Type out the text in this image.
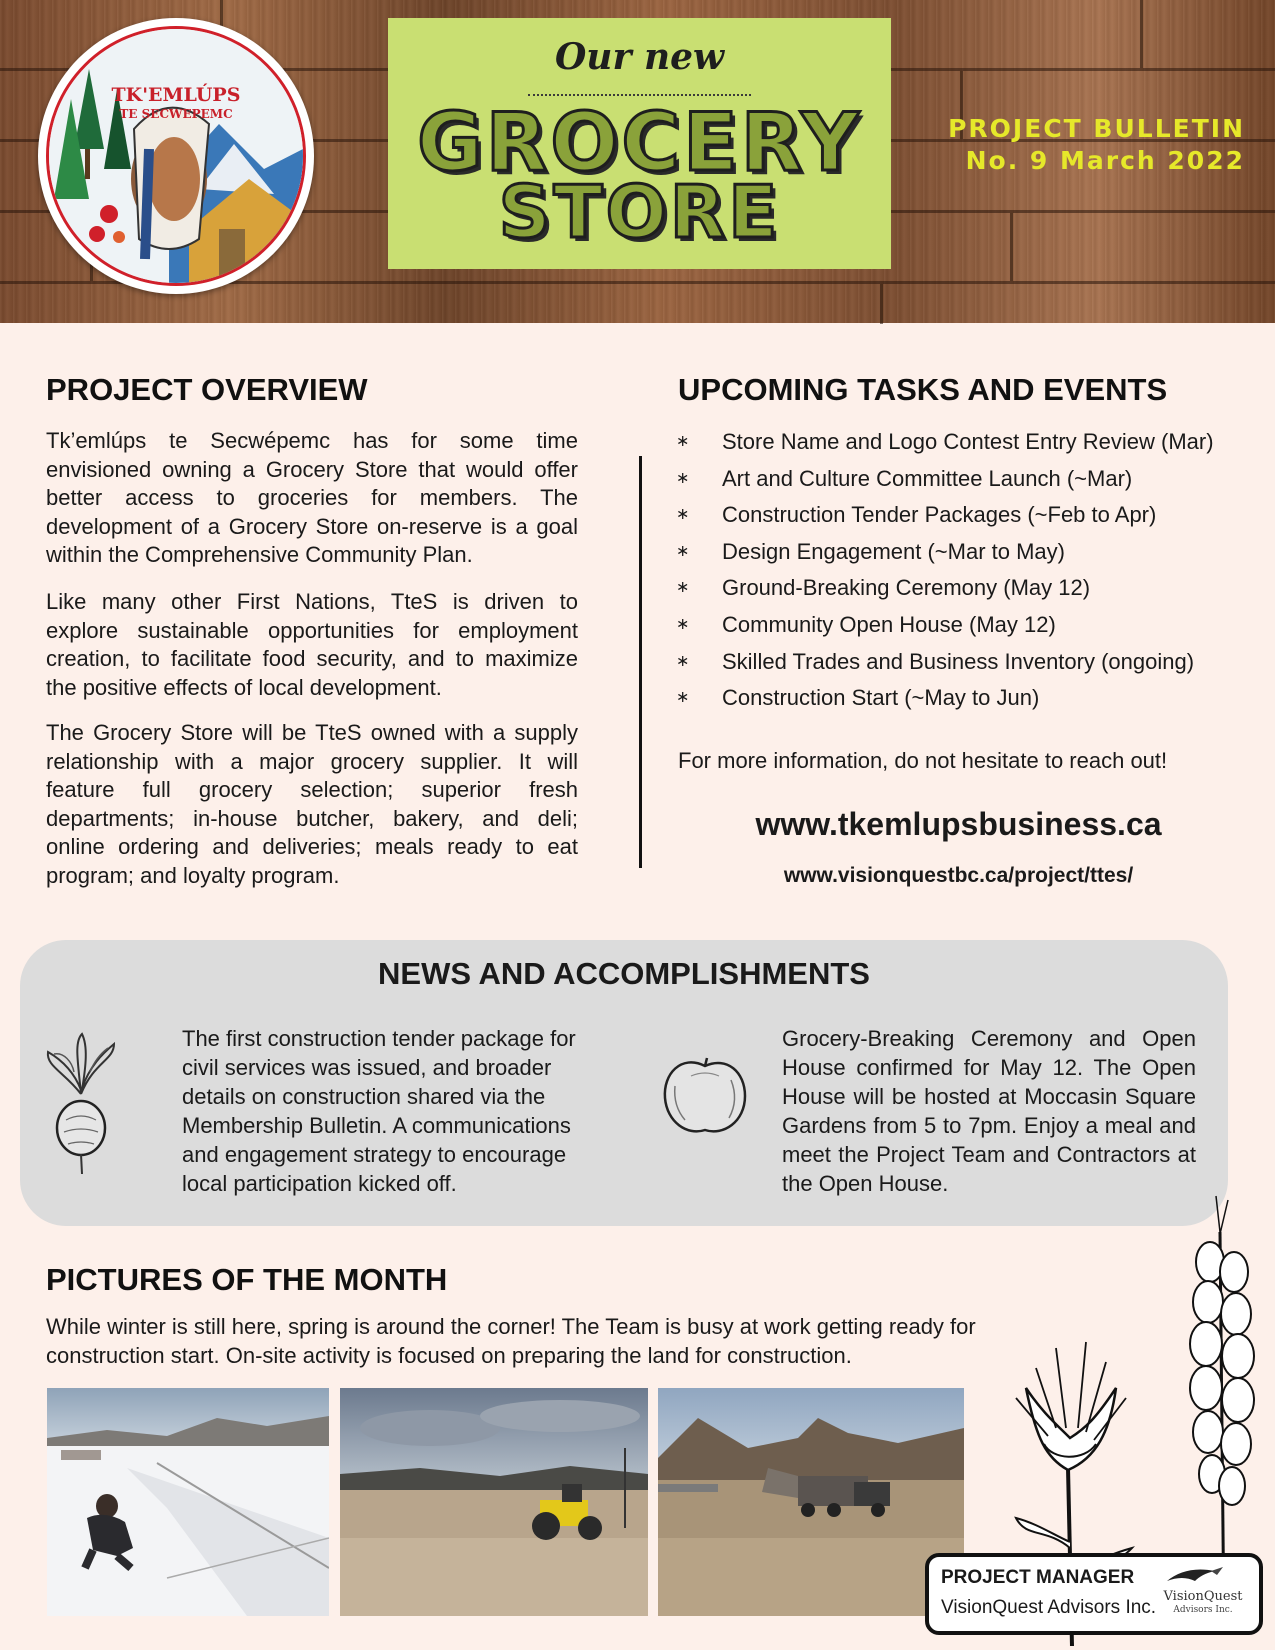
TK'EMLÚPS
TE SECWEPEMC
Our new
GROCERY
STORE
PROJECT BULLETIN
No. 9 March 2022
PROJECT OVERVIEW
Tk’emlúps te Secwépemc has for some time envisioned owning a Grocery Store that would offer better access to groceries for members. The development of a Grocery Store on-reserve is a goal within the Comprehensive Community Plan.
Like many other First Nations, TteS is driven to explore sustainable opportunities for employment creation, to facilitate food security, and to maximize the positive effects of local development.
The Grocery Store will be TteS owned with a supply relationship with a major grocery supplier. It will feature full grocery selection; superior fresh departments; in-house butcher, bakery, and deli; online ordering and deliveries; meals ready to eat program; and loyalty program.
UPCOMING TASKS AND EVENTS
∗ Store Name and Logo Contest Entry Review (Mar)
∗ Art and Culture Committee Launch (~Mar)
∗ Construction Tender Packages (~Feb to Apr)
∗ Design Engagement (~Mar to May)
∗ Ground-Breaking Ceremony (May 12)
∗ Community Open House (May 12)
∗ Skilled Trades and Business Inventory (ongoing)
∗ Construction Start (~May to Jun)
For more information, do not hesitate to reach out!
www.tkemlupsbusiness.ca
www.visionquestbc.ca/project/ttes/
NEWS AND ACCOMPLISHMENTS
The first construction tender package for civil services was issued, and broader details on construction shared via the Membership Bulletin. A communications and engagement strategy to encourage local participation kicked off.
Grocery-Breaking Ceremony and Open House confirmed for May 12. The Open House will be hosted at Moccasin Square Gardens from 5 to 7pm. Enjoy a meal and meet the Project Team and Contractors at the Open House.
PICTURES OF THE MONTH
While winter is still here, spring is around the corner! The Team is busy at work getting ready for construction start. On-site activity is focused on preparing the land for construction.
PROJECT MANAGER
VisionQuest Advisors Inc.
VisionQuest
Advisors Inc.
